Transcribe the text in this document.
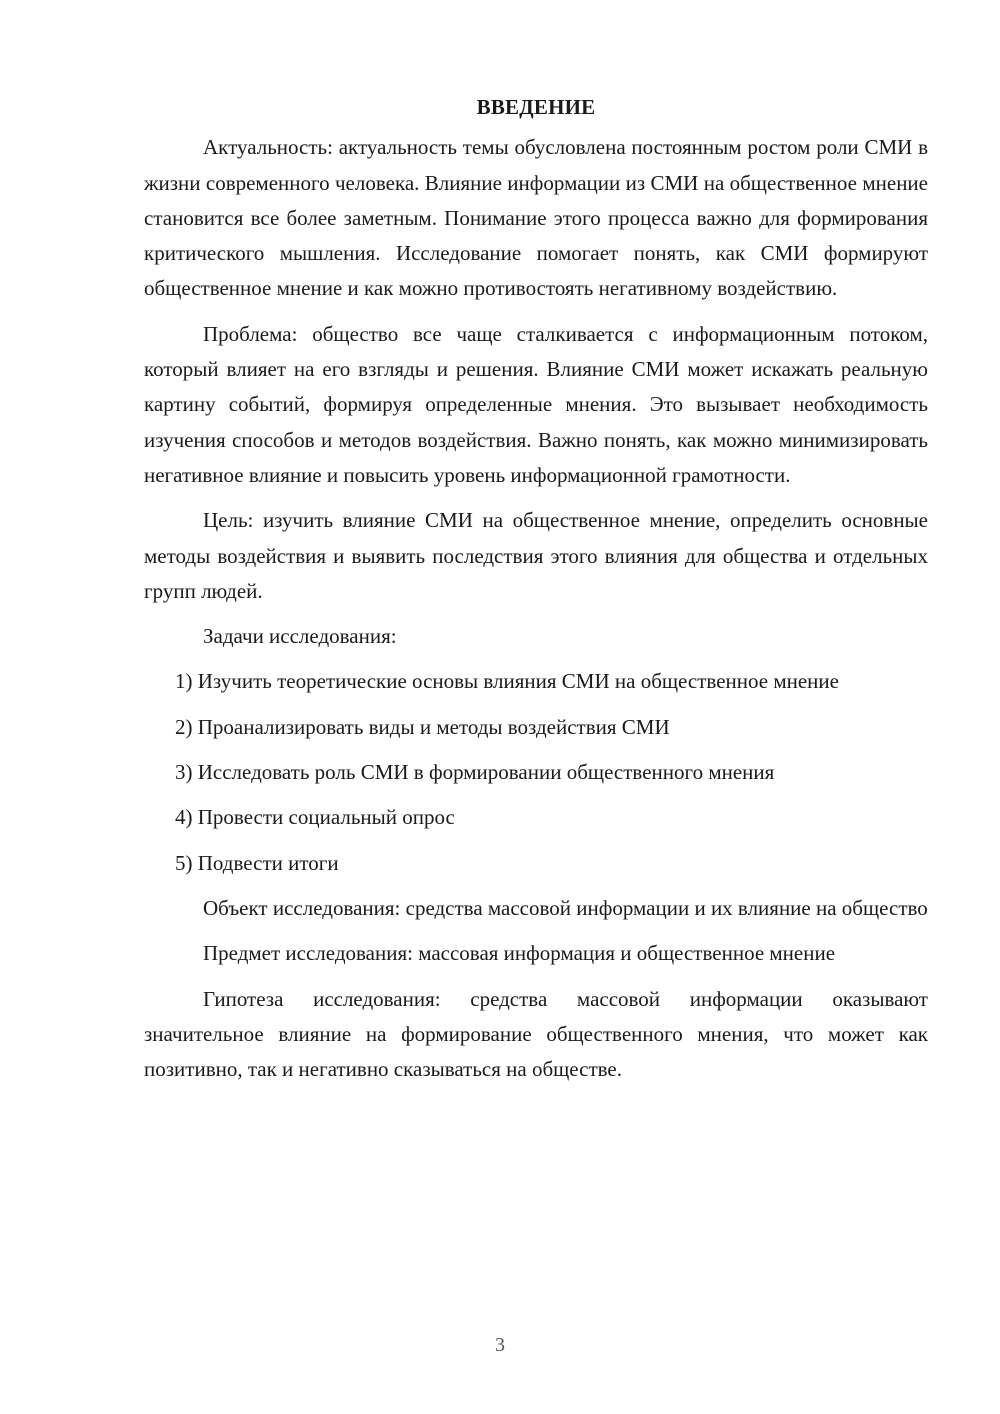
ВВЕДЕНИЕ

Актуальность: актуальность темы обусловлена постоянным ростом роли СМИ в жизни современного человека. Влияние информации из СМИ на общественное мнение становится все более заметным. Понимание этого процесса важно для формирования критического мышления. Исследование помогает понять, как СМИ формируют общественное мнение и как можно противостоять негативному воздействию.

Проблема: общество все чаще сталкивается с информационным потоком, который влияет на его взгляды и решения. Влияние СМИ может искажать реальную картину событий, формируя определенные мнения. Это вызывает необходимость изучения способов и методов воздействия. Важно понять, как можно минимизировать негативное влияние и повысить уровень информационной грамотности.

Цель: изучить влияние СМИ на общественное мнение, определить основные методы воздействия и выявить последствия этого влияния для общества и отдельных групп людей.

Задачи исследования:

1) Изучить теоретические основы влияния СМИ на общественное мнение

2) Проанализировать виды и методы воздействия СМИ

3) Исследовать роль СМИ в формировании общественного мнения

4) Провести социальный опрос

5) Подвести итоги

Объект исследования: средства массовой информации и их влияние на общество

Предмет исследования: массовая информация и общественное мнение

Гипотеза исследования: средства массовой информации оказывают значительное влияние на формирование общественного мнения, что может как позитивно, так и негативно сказываться на обществе.

3
